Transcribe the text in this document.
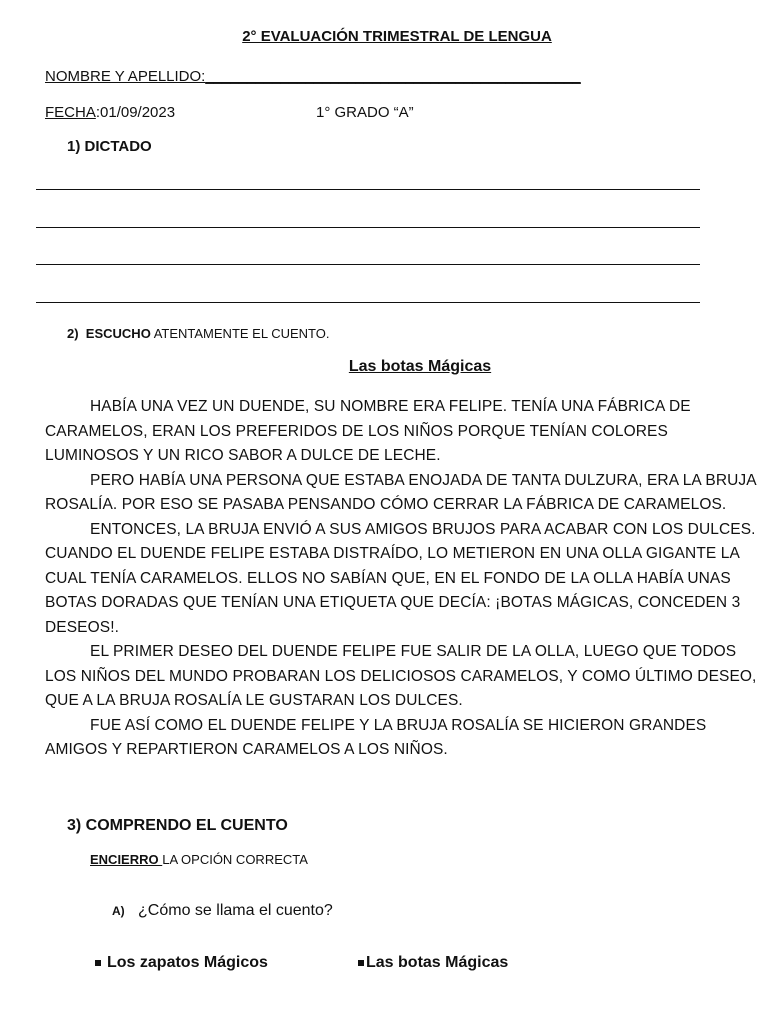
2° EVALUACIÓN TRIMESTRAL DE LENGUA
NOMBRE Y APELLIDO:_____________________________________________
FECHA:01/09/2023	1° GRADO “A”
1) DICTADO
2) ESCUCHO ATENTAMENTE EL CUENTO.
Las botas Mágicas

HABÍA UNA VEZ UN DUENDE, SU NOMBRE ERA FELIPE. TENÍA UNA FÁBRICA DE CARAMELOS, ERAN LOS PREFERIDOS DE LOS NIÑOS PORQUE TENÍAN COLORES LUMINOSOS Y UN RICO SABOR A DULCE DE LECHE.

PERO HABÍA UNA PERSONA QUE ESTABA ENOJADA DE TANTA DULZURA, ERA LA BRUJA ROSALÍA. POR ESO SE PASABA PENSANDO CÓMO CERRAR LA FÁBRICA DE CARAMELOS.

ENTONCES, LA BRUJA ENVIÓ A SUS AMIGOS BRUJOS PARA ACABAR CON LOS DULCES. CUANDO EL DUENDE FELIPE ESTABA DISTRAÍDO, LO METIERON EN UNA OLLA GIGANTE LA CUAL TENÍA CARAMELOS. ELLOS NO SABÍAN QUE, EN EL FONDO DE LA OLLA HABÍA UNAS BOTAS DORADAS QUE TENÍAN UNA ETIQUETA QUE DECÍA: ¡BOTAS MÁGICAS, CONCEDEN 3 DESEOS!.

EL PRIMER DESEO DEL DUENDE FELIPE FUE SALIR DE LA OLLA, LUEGO QUE TODOS LOS NIÑOS DEL MUNDO PROBARAN LOS DELICIOSOS CARAMELOS, Y COMO ÚLTIMO DESEO, QUE A LA BRUJA ROSALÍA LE GUSTARAN LOS DULCES.

FUE ASÍ COMO EL DUENDE FELIPE Y LA BRUJA ROSALÍA SE HICIERON GRANDES AMIGOS Y REPARTIERON CARAMELOS A LOS NIÑOS.

3) COMPRENDO EL CUENTO
ENCIERRO LA OPCIÓN CORRECTA
A) ¿Cómo se llama el cuento?
Los zapatos Mágicos	Las botas Mágicas
